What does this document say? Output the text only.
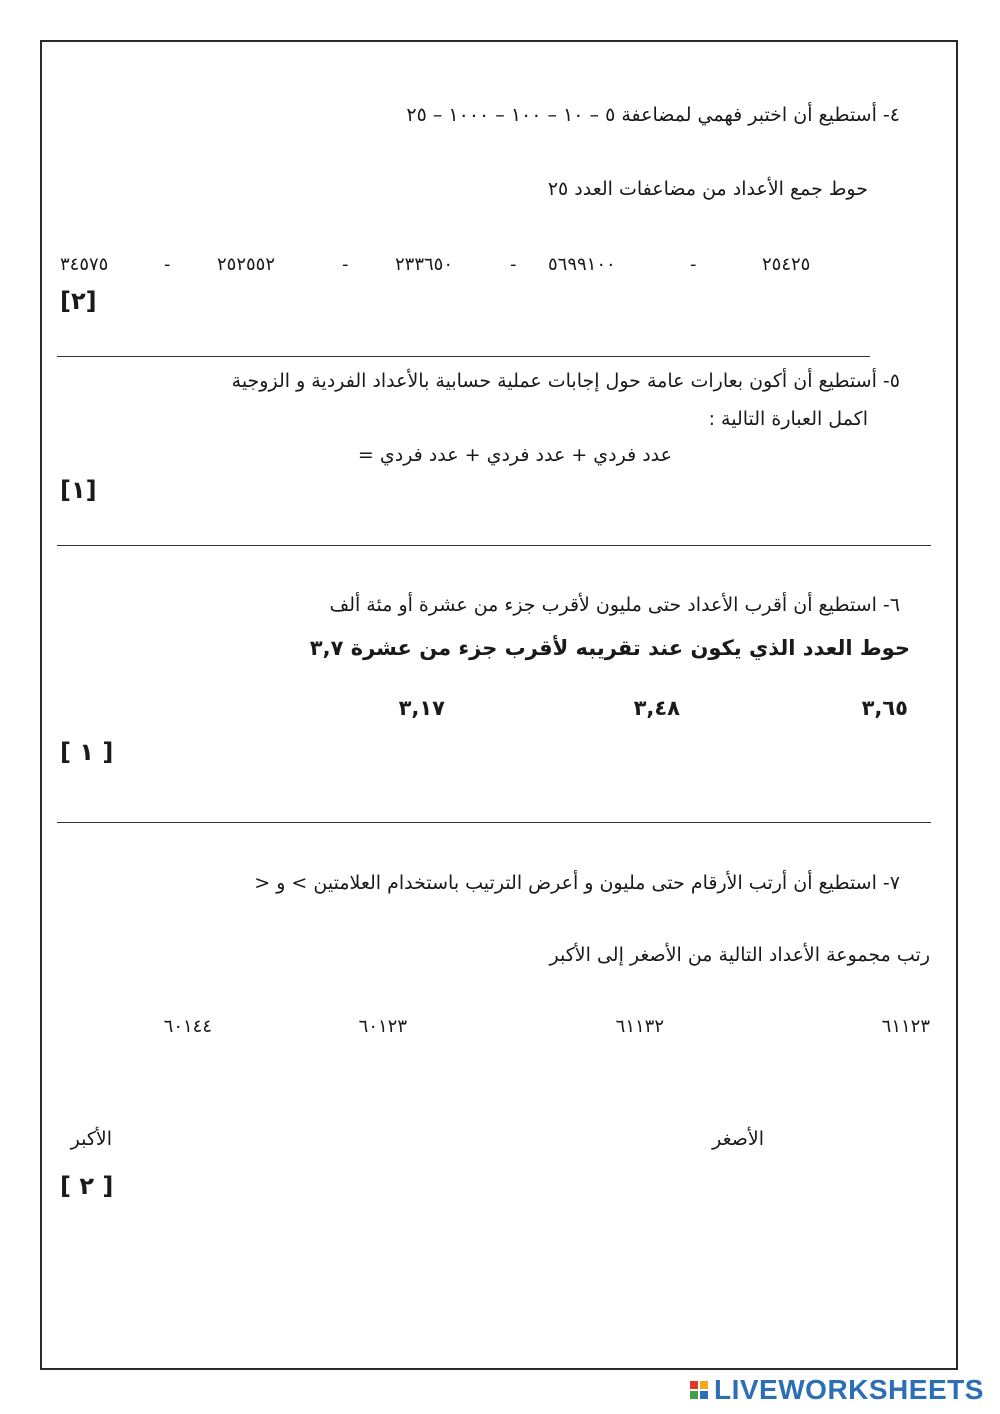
٤- أستطيع أن اختبر فهمي لمضاعفة ٥ – ١٠ – ١٠٠ – ١٠٠٠ – ٢٥
حوط جمع الأعداد من مضاعفات العدد ٢٥
٢٥٤٢٥
-
٥٦٩٩١٠٠
-
٢٣٣٦٥٠
-
٢٥٢٥٥٢
-
٣٤٥٧٥
[٢]
٥- أستطيع أن أكون بعارات عامة حول إجابات عملية حسابية بالأعداد الفردية و الزوجية
اكمل العبارة التالية :
عدد فردي + عدد فردي + عدد فردي =
[١]
٦- استطيع أن أقرب الأعداد حتى مليون لأقرب جزء من عشرة أو مئة ألف
حوط العدد الذي يكون عند تقريبه لأقرب جزء من عشرة ٣,٧
٣,٦٥
٣,٤٨
٣,١٧
[ ١ ]
٧- استطيع أن أرتب الأرقام حتى مليون و أعرض الترتيب باستخدام العلامتين > و <
رتب مجموعة الأعداد التالية من الأصغر إلى الأكبر
٦١١٢٣
٦١١٣٢
٦٠١٢٣
٦٠١٤٤
الأصغر
الأكبر
[ ٢ ]
LIVEWORKSHEETS
